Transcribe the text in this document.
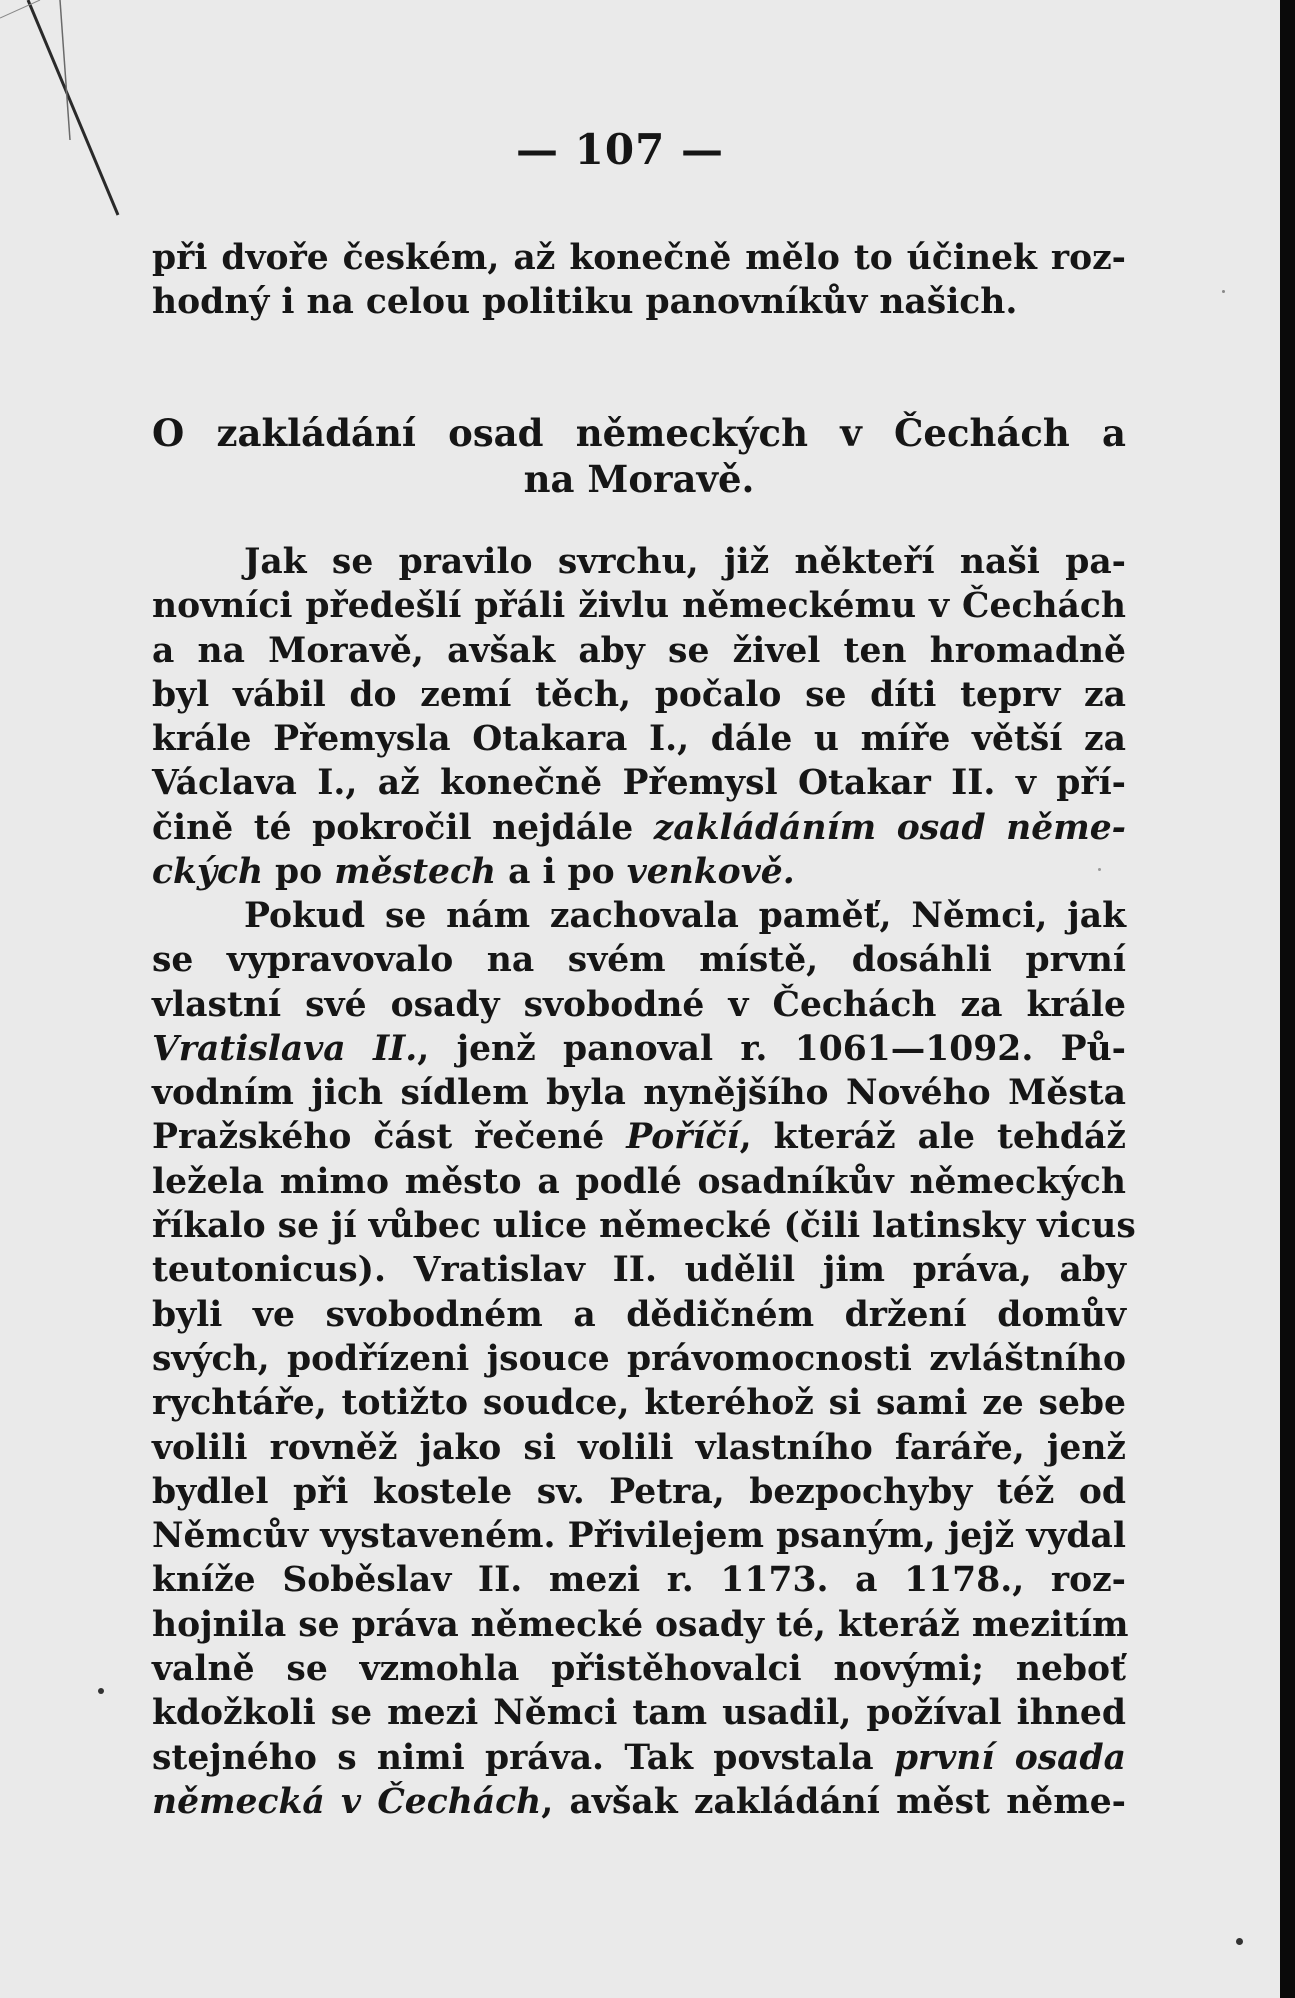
— 107 —
při dvoře českém, až konečně mělo to účinek roz-
hodný i na celou politiku panovníkův našich.
O zakládání osad německých v Čechách a
na Moravě.
Jak se pravilo svrchu, již někteří naši pa-
novníci předešlí přáli živlu německému v Čechách
a na Moravě, avšak aby se živel ten hromadně
byl vábil do zemí těch, počalo se díti teprv za
krále Přemysla Otakara I., dále u míře větší za
Václava I., až konečně Přemysl Otakar II. v pří-
čině té pokročil nejdále zakládáním osad něme-
ckých po městech a i po venkově.
Pokud se nám zachovala paměť, Němci, jak
se vypravovalo na svém místě, dosáhli první
vlastní své osady svobodné v Čechách za krále
Vratislava II., jenž panoval r. 1061—1092. Pů-
vodním jich sídlem byla nynějšího Nového Města
Pražského část řečené Poříčí, kteráž ale tehdáž
ležela mimo město a podlé osadníkův německých
říkalo se jí vůbec ulice německé (čili latinsky vicus
teutonicus). Vratislav II. udělil jim práva, aby
byli ve svobodném a dědičném držení domův
svých, podřízeni jsouce právomocnosti zvláštního
rychtáře, totižto soudce, kteréhož si sami ze sebe
volili rovněž jako si volili vlastního faráře, jenž
bydlel při kostele sv. Petra, bezpochyby též od
Němcův vystaveném. Přivilejem psaným, jejž vydal
kníže Soběslav II. mezi r. 1173. a 1178., roz-
hojnila se práva německé osady té, kteráž mezitím
valně se vzmohla přistěhovalci novými; neboť
kdožkoli se mezi Němci tam usadil, požíval ihned
stejného s nimi práva. Tak povstala první osada
německá v Čechách, avšak zakládání měst něme-
